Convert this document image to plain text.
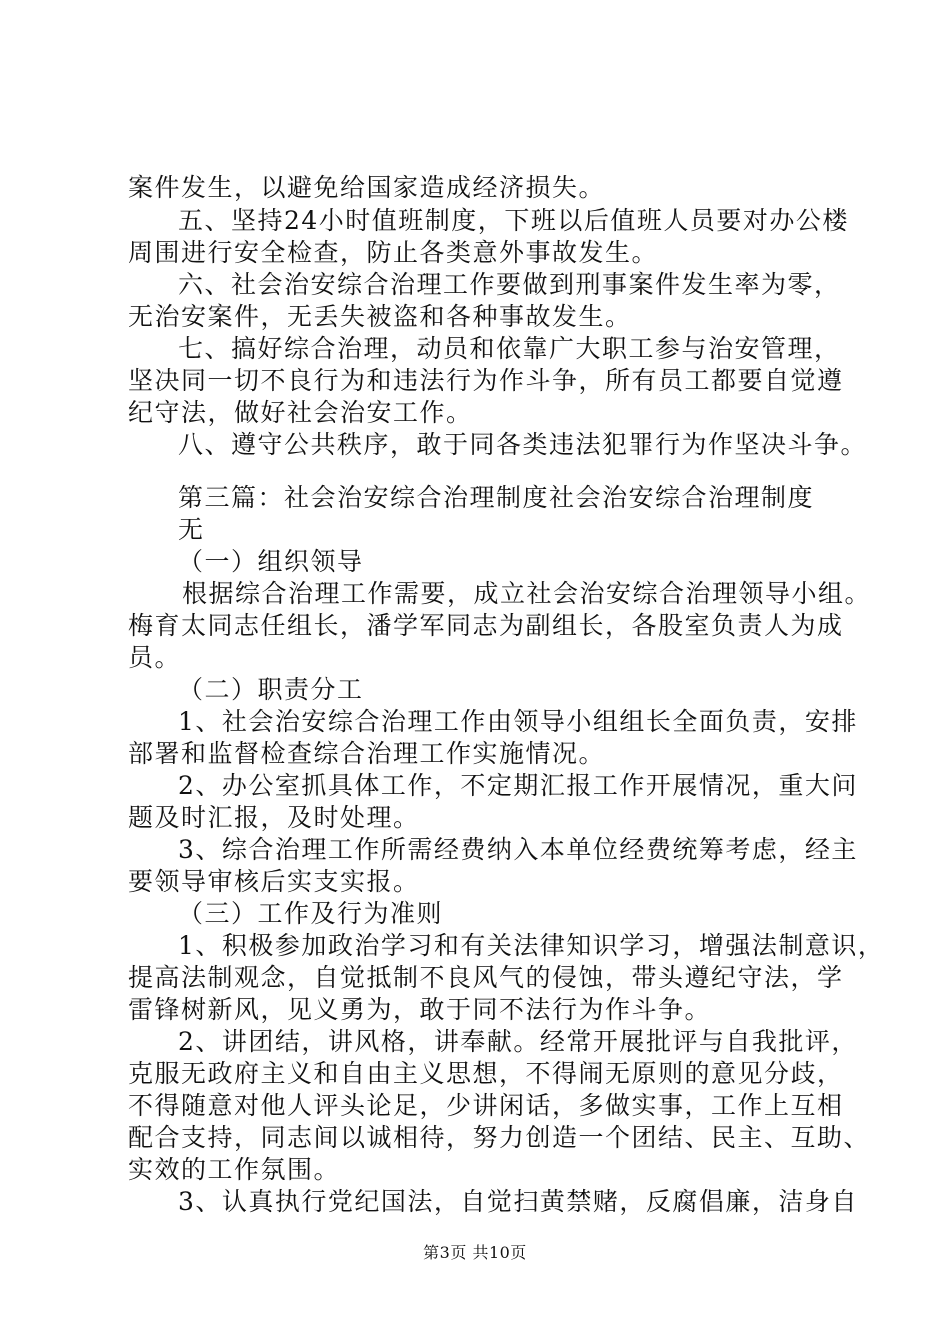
案件发生，以避免给国家造成经济损失。
五、坚持24小时值班制度，下班以后值班人员要对办公楼
周围进行安全检查，防止各类意外事故发生。
六、社会治安综合治理工作要做到刑事案件发生率为零，
无治安案件，无丢失被盗和各种事故发生。
七、搞好综合治理，动员和依靠广大职工参与治安管理，
坚决同一切不良行为和违法行为作斗争，所有员工都要自觉遵
纪守法，做好社会治安工作。
八、遵守公共秩序，敢于同各类违法犯罪行为作坚决斗争。
第三篇：社会治安综合治理制度社会治安综合治理制度
无
（一）组织领导
根据综合治理工作需要，成立社会治安综合治理领导小组。
梅育太同志任组长，潘学军同志为副组长，各股室负责人为成
员。
（二）职责分工
1、社会治安综合治理工作由领导小组组长全面负责，安排
部署和监督检查综合治理工作实施情况。
2、办公室抓具体工作，不定期汇报工作开展情况，重大问
题及时汇报，及时处理。
3、综合治理工作所需经费纳入本单位经费统筹考虑，经主
要领导审核后实支实报。
（三）工作及行为准则
1、积极参加政治学习和有关法律知识学习，增强法制意识，
提高法制观念，自觉抵制不良风气的侵蚀，带头遵纪守法，学
雷锋树新风，见义勇为，敢于同不法行为作斗争。
2、讲团结，讲风格，讲奉献。经常开展批评与自我批评，
克服无政府主义和自由主义思想，不得闹无原则的意见分歧，
不得随意对他人评头论足，少讲闲话，多做实事，工作上互相
配合支持，同志间以诚相待，努力创造一个团结、民主、互助、
实效的工作氛围。
3、认真执行党纪国法，自觉扫黄禁赌，反腐倡廉，洁身自
第3页 共10页
